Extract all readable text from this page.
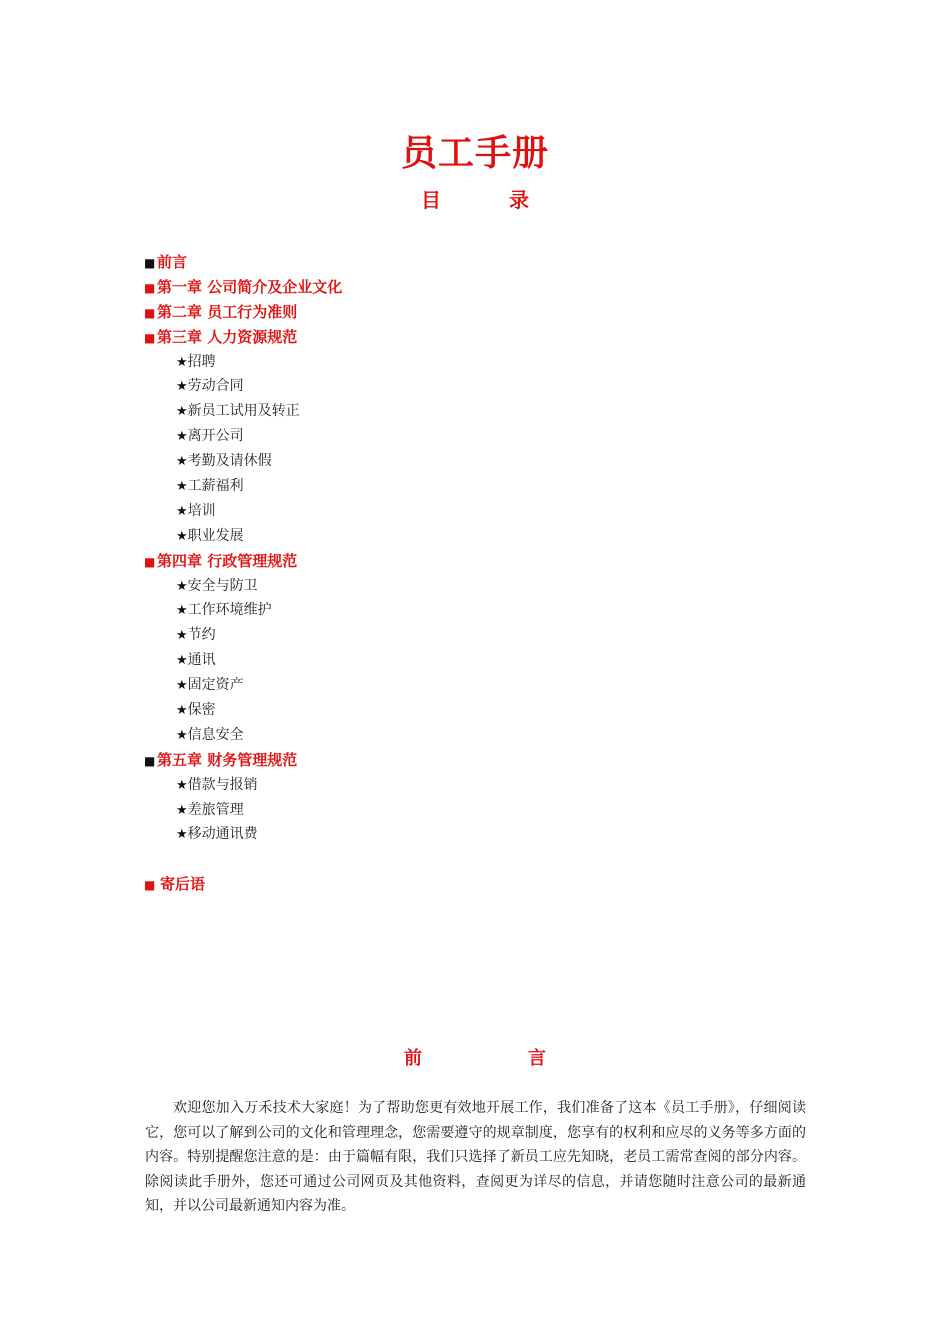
员工手册
目　录
■ 前言
■ 第一章 公司简介及企业文化
■ 第二章 员工行为准则
■ 第三章 人力资源规范
★招聘
★劳动合同
★新员工试用及转正
★离开公司
★考勤及请休假
★工薪福利
★培训
★职业发展
■ 第四章 行政管理规范
★安全与防卫
★工作环境维护
★节约
★通讯
★固定资产
★保密
★信息安全
■ 第五章 财务管理规范
★借款与报销
★差旅管理
★移动通讯费
■ 寄后语
前　言
欢迎您加入万禾技术大家庭！为了帮助您更有效地开展工作，我们准备了这本《员工手册》，仔细阅读它，您可以了解到公司的文化和管理理念，您需要遵守的规章制度，您享有的权利和应尽的义务等多方面的内容。特别提醒您注意的是：由于篇幅有限，我们只选择了新员工应先知晓，老员工需常查阅的部分内容。除阅读此手册外，您还可通过公司网页及其他资料，查阅更为详尽的信息，并请您随时注意公司的最新通知，并以公司最新通知内容为准。
